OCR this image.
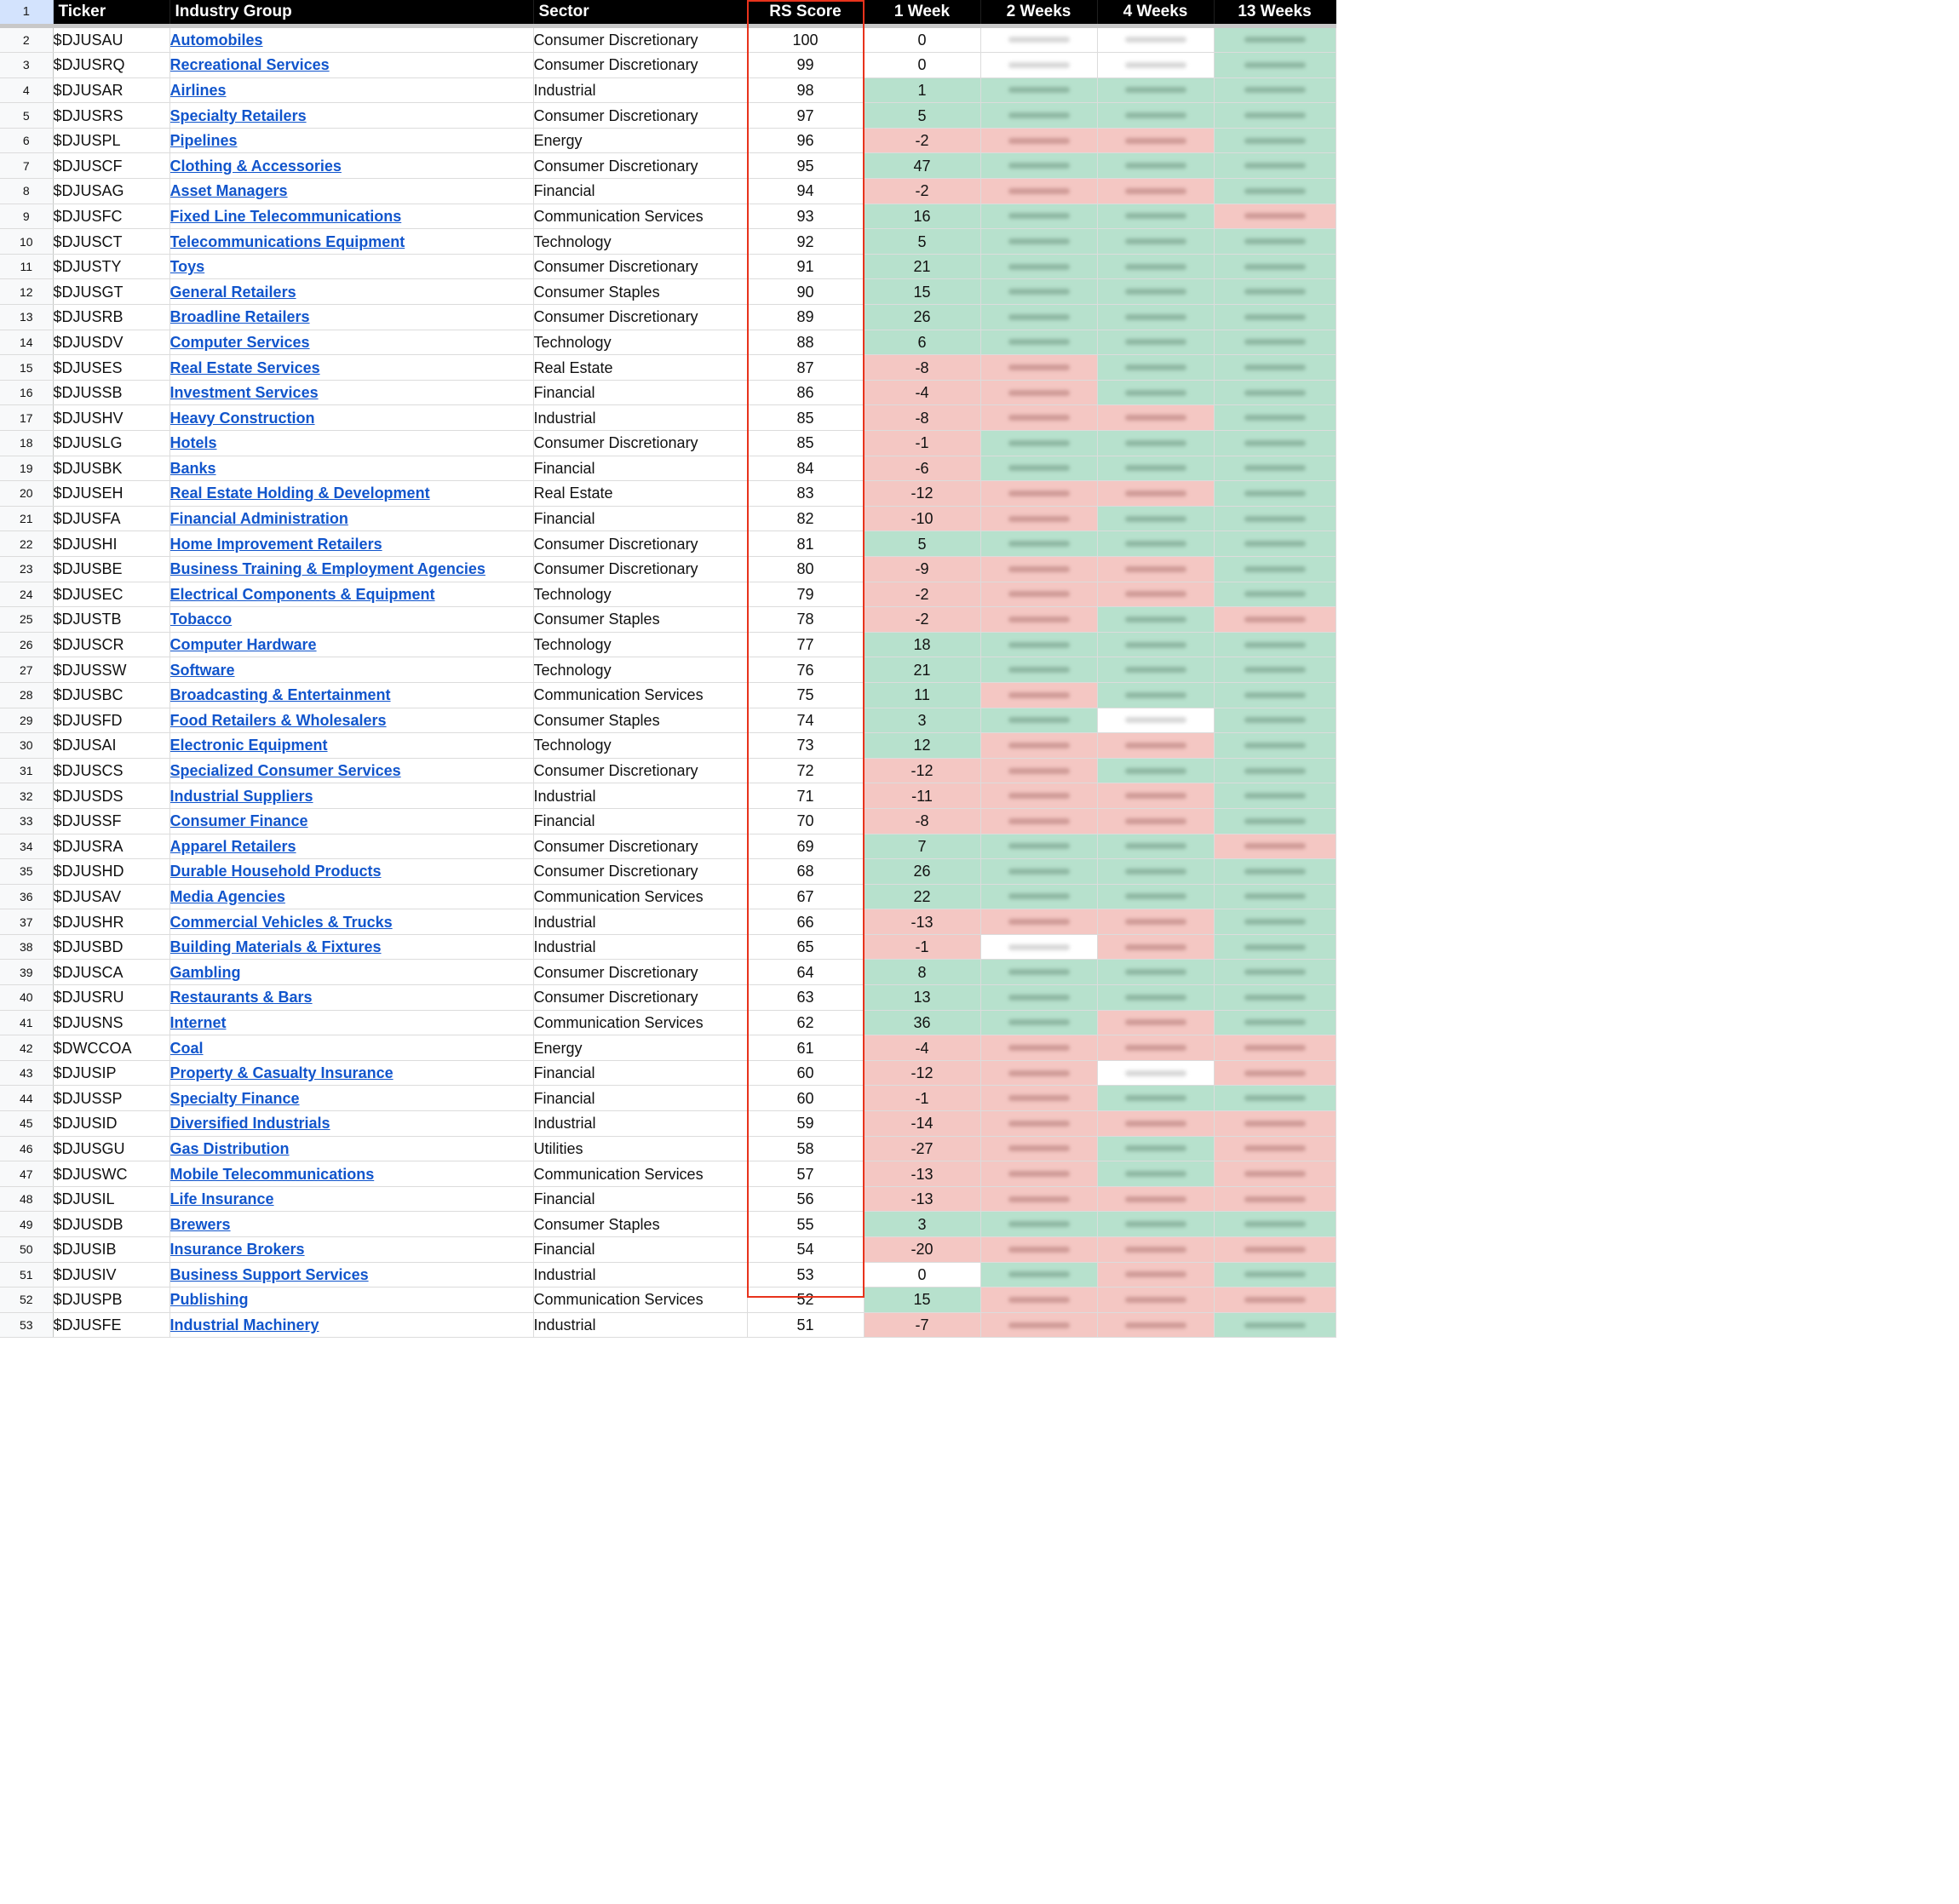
1	Ticker	Industry Group	Sector	RS Score	1 Week	2 Weeks	4 Weeks	13 Weeks
2	$DJUSAU	Automobiles	Consumer Discretionary	100	0	

3	$DJUSRQ	Recreational Services	Consumer Discretionary	99	0	

4	$DJUSAR	Airlines	Industrial	98	1	

5	$DJUSRS	Specialty Retailers	Consumer Discretionary	97	5	

6	$DJUSPL	Pipelines	Energy	96	-2	

7	$DJUSCF	Clothing & Accessories	Consumer Discretionary	95	47	

8	$DJUSAG	Asset Managers	Financial	94	-2	

9	$DJUSFC	Fixed Line Telecommunications	Communication Services	93	16	

10	$DJUSCT	Telecommunications Equipment	Technology	92	5	

11	$DJUSTY	Toys	Consumer Discretionary	91	21	

12	$DJUSGT	General Retailers	Consumer Staples	90	15	

13	$DJUSRB	Broadline Retailers	Consumer Discretionary	89	26	

14	$DJUSDV	Computer Services	Technology	88	6	

15	$DJUSES	Real Estate Services	Real Estate	87	-8	

16	$DJUSSB	Investment Services	Financial	86	-4	

17	$DJUSHV	Heavy Construction	Industrial	85	-8	

18	$DJUSLG	Hotels	Consumer Discretionary	85	-1	

19	$DJUSBK	Banks	Financial	84	-6	

20	$DJUSEH	Real Estate Holding & Development	Real Estate	83	-12	

21	$DJUSFA	Financial Administration	Financial	82	-10	

22	$DJUSHI	Home Improvement Retailers	Consumer Discretionary	81	5	

23	$DJUSBE	Business Training & Employment Agencies	Consumer Discretionary	80	-9	

24	$DJUSEC	Electrical Components & Equipment	Technology	79	-2	

25	$DJUSTB	Tobacco	Consumer Staples	78	-2	

26	$DJUSCR	Computer Hardware	Technology	77	18	

27	$DJUSSW	Software	Technology	76	21	

28	$DJUSBC	Broadcasting & Entertainment	Communication Services	75	11	

29	$DJUSFD	Food Retailers & Wholesalers	Consumer Staples	74	3	

30	$DJUSAI	Electronic Equipment	Technology	73	12	

31	$DJUSCS	Specialized Consumer Services	Consumer Discretionary	72	-12	

32	$DJUSDS	Industrial Suppliers	Industrial	71	-11	

33	$DJUSSF	Consumer Finance	Financial	70	-8	

34	$DJUSRA	Apparel Retailers	Consumer Discretionary	69	7	

35	$DJUSHD	Durable Household Products	Consumer Discretionary	68	26	

36	$DJUSAV	Media Agencies	Communication Services	67	22	

37	$DJUSHR	Commercial Vehicles & Trucks	Industrial	66	-13	

38	$DJUSBD	Building Materials & Fixtures	Industrial	65	-1	

39	$DJUSCA	Gambling	Consumer Discretionary	64	8	

40	$DJUSRU	Restaurants & Bars	Consumer Discretionary	63	13	

41	$DJUSNS	Internet	Communication Services	62	36	

42	$DWCCOA	Coal	Energy	61	-4	

43	$DJUSIP	Property & Casualty Insurance	Financial	60	-12	

44	$DJUSSP	Specialty Finance	Financial	60	-1	

45	$DJUSID	Diversified Industrials	Industrial	59	-14	

46	$DJUSGU	Gas Distribution	Utilities	58	-27	

47	$DJUSWC	Mobile Telecommunications	Communication Services	57	-13	

48	$DJUSIL	Life Insurance	Financial	56	-13	

49	$DJUSDB	Brewers	Consumer Staples	55	3	

50	$DJUSIB	Insurance Brokers	Financial	54	-20	

51	$DJUSIV	Business Support Services	Industrial	53	0	

52	$DJUSPB	Publishing	Communication Services	52	15	

53	$DJUSFE	Industrial Machinery	Industrial	51	-7	
